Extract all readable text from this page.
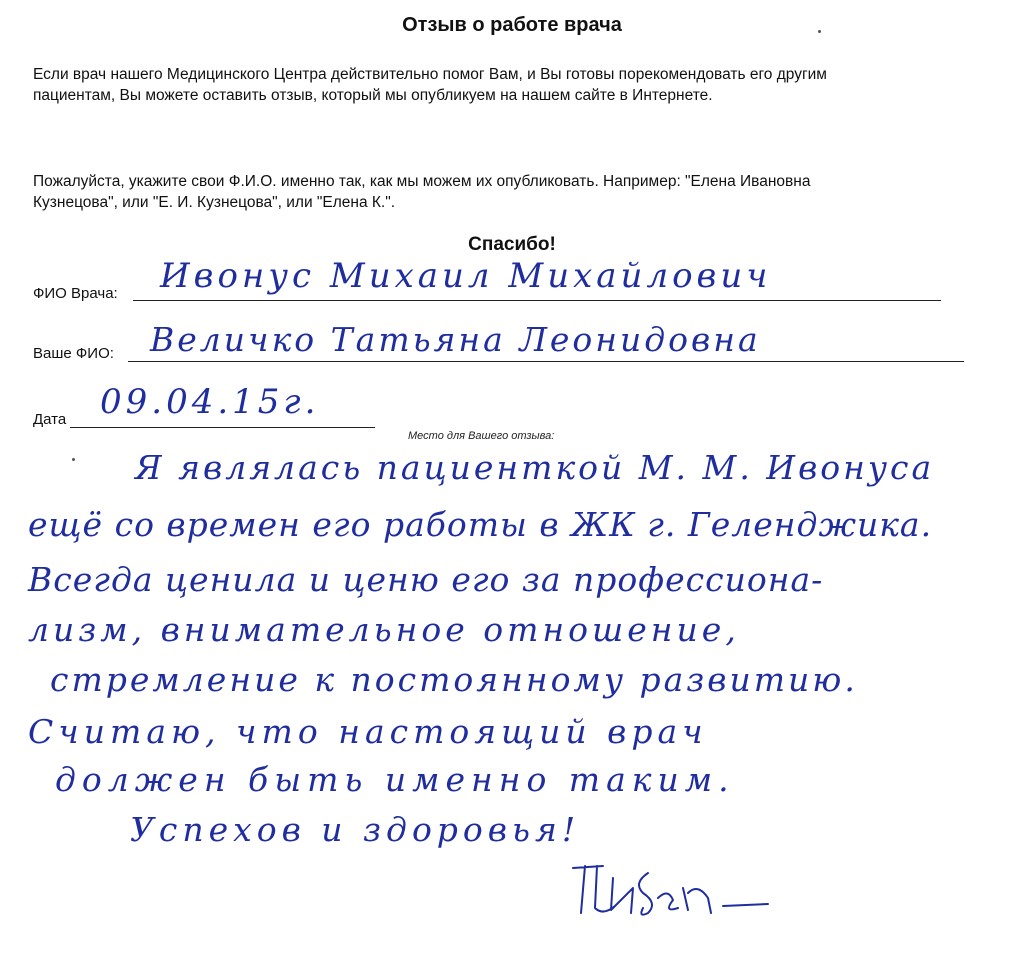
Отзыв о работе врача
Если врач нашего Медицинского Центра действительно помог Вам, и Вы готовы порекомендовать его другим
пациентам, Вы можете оставить отзыв, который мы опубликуем на нашем сайте в Интернете.
Пожалуйста, укажите свои Ф.И.О. именно так, как мы можем их опубликовать. Например: "Елена Ивановна
Кузнецова", или "Е. И. Кузнецова", или "Елена К.".
Спасибо!
ФИО Врача: Ивонус Михаил Михайлович
Ваше ФИО: Величко Татьяна Леонидовна
Дата 09.04.15г.
Место для Вашего отзыва:
Я являлась пациенткой М. М. Ивонуса
ещё со времен его работы в ЖК г. Геленджика.
Всегда ценила и ценю его за профессиона-
лизм, внимательное отношение,
стремление к постоянному развитию.
Считаю, что настоящий врач
должен быть именно таким.
Успехов и здоровья!
